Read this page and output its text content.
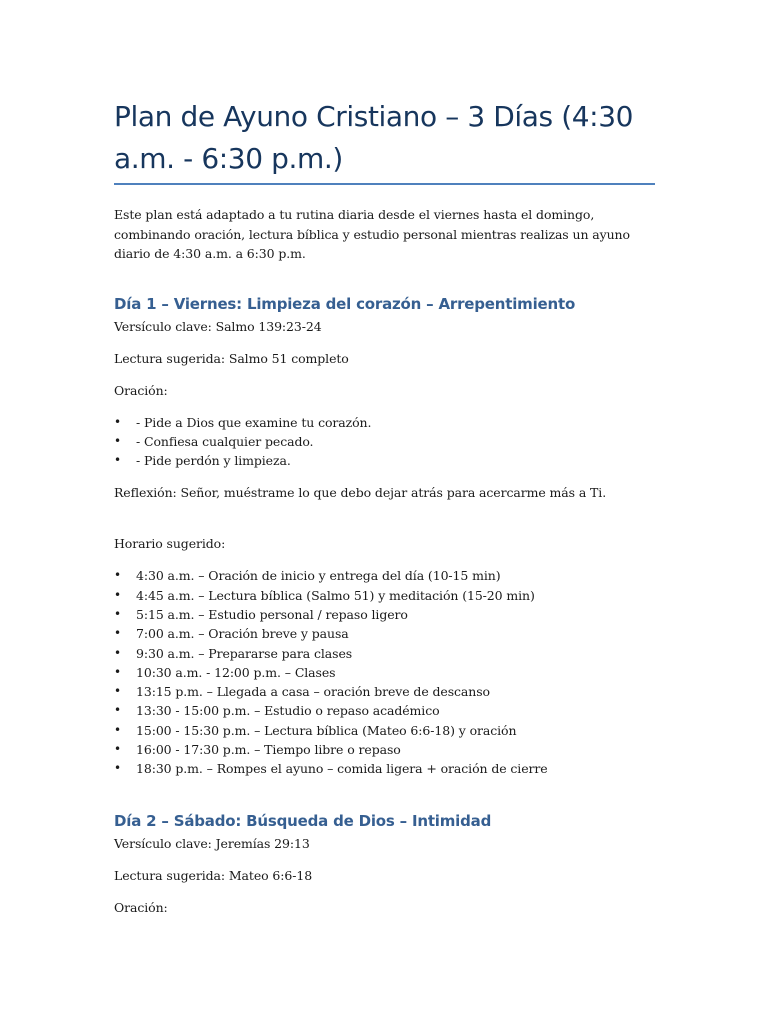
Plan de Ayuno Cristiano – 3 Días (4:30 a.m. - 6:30 p.m.)

Este plan está adaptado a tu rutina diaria desde el viernes hasta el domingo, combinando oración, lectura bíblica y estudio personal mientras realizas un ayuno diario de 4:30 a.m. a 6:30 p.m.

Día 1 – Viernes: Limpieza del corazón – Arrepentimiento

Versículo clave: Salmo 139:23-24

Lectura sugerida: Salmo 51 completo

Oración:

• - Pide a Dios que examine tu corazón.
• - Confiesa cualquier pecado.
• - Pide perdón y limpieza.

Reflexión: Señor, muéstrame lo que debo dejar atrás para acercarme más a Ti.

Horario sugerido:

• 4:30 a.m. – Oración de inicio y entrega del día (10-15 min)
• 4:45 a.m. – Lectura bíblica (Salmo 51) y meditación (15-20 min)
• 5:15 a.m. – Estudio personal / repaso ligero
• 7:00 a.m. – Oración breve y pausa
• 9:30 a.m. – Prepararse para clases
• 10:30 a.m. - 12:00 p.m. – Clases
• 13:15 p.m. – Llegada a casa – oración breve de descanso
• 13:30 - 15:00 p.m. – Estudio o repaso académico
• 15:00 - 15:30 p.m. – Lectura bíblica (Mateo 6:6-18) y oración
• 16:00 - 17:30 p.m. – Tiempo libre o repaso
• 18:30 p.m. – Rompes el ayuno – comida ligera + oración de cierre
Día 2 – Sábado: Búsqueda de Dios – Intimidad

Versículo clave: Jeremías 29:13

Lectura sugerida: Mateo 6:6-18

Oración:
